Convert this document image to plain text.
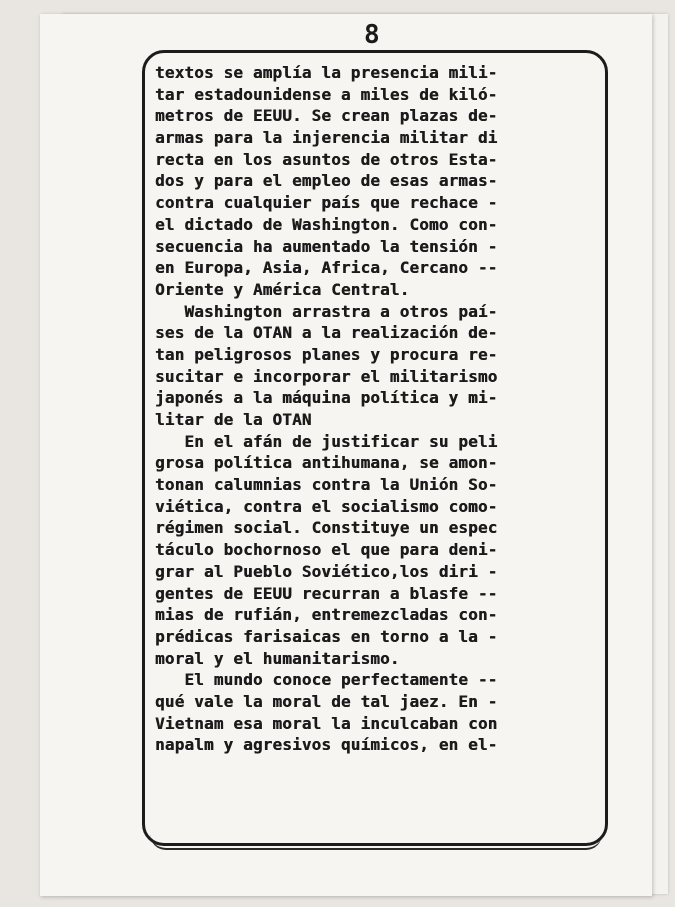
8
textos se amplía la presencia mili-
tar estadounidense a miles de kiló-
metros de EEUU. Se crean plazas de-
armas para la injerencia militar di
recta en los asuntos de otros Esta-
dos y para el empleo de esas armas-
contra cualquier país que rechace -
el dictado de Washington. Como con-
secuencia ha aumentado la tensión -
en Europa, Asia, Africa, Cercano --
Oriente y América Central.
Washington arrastra a otros paí-
ses de la OTAN a la realización de-
tan peligrosos planes y procura re-
sucitar e incorporar el militarismo
japonés a la máquina política y mi-
litar de la OTAN
En el afán de justificar su peli
grosa política antihumana, se amon-
tonan calumnias contra la Unión So-
viética, contra el socialismo como-
régimen social. Constituye un espec
táculo bochornoso el que para deni-
grar al Pueblo Soviético,los diri -
gentes de EEUU recurran a blasfe --
mias de rufián, entremezcladas con-
prédicas farisaicas en torno a la -
moral y el humanitarismo.
El mundo conoce perfectamente --
qué vale la moral de tal jaez. En -
Vietnam esa moral la inculcaban con
napalm y agresivos químicos, en el-
